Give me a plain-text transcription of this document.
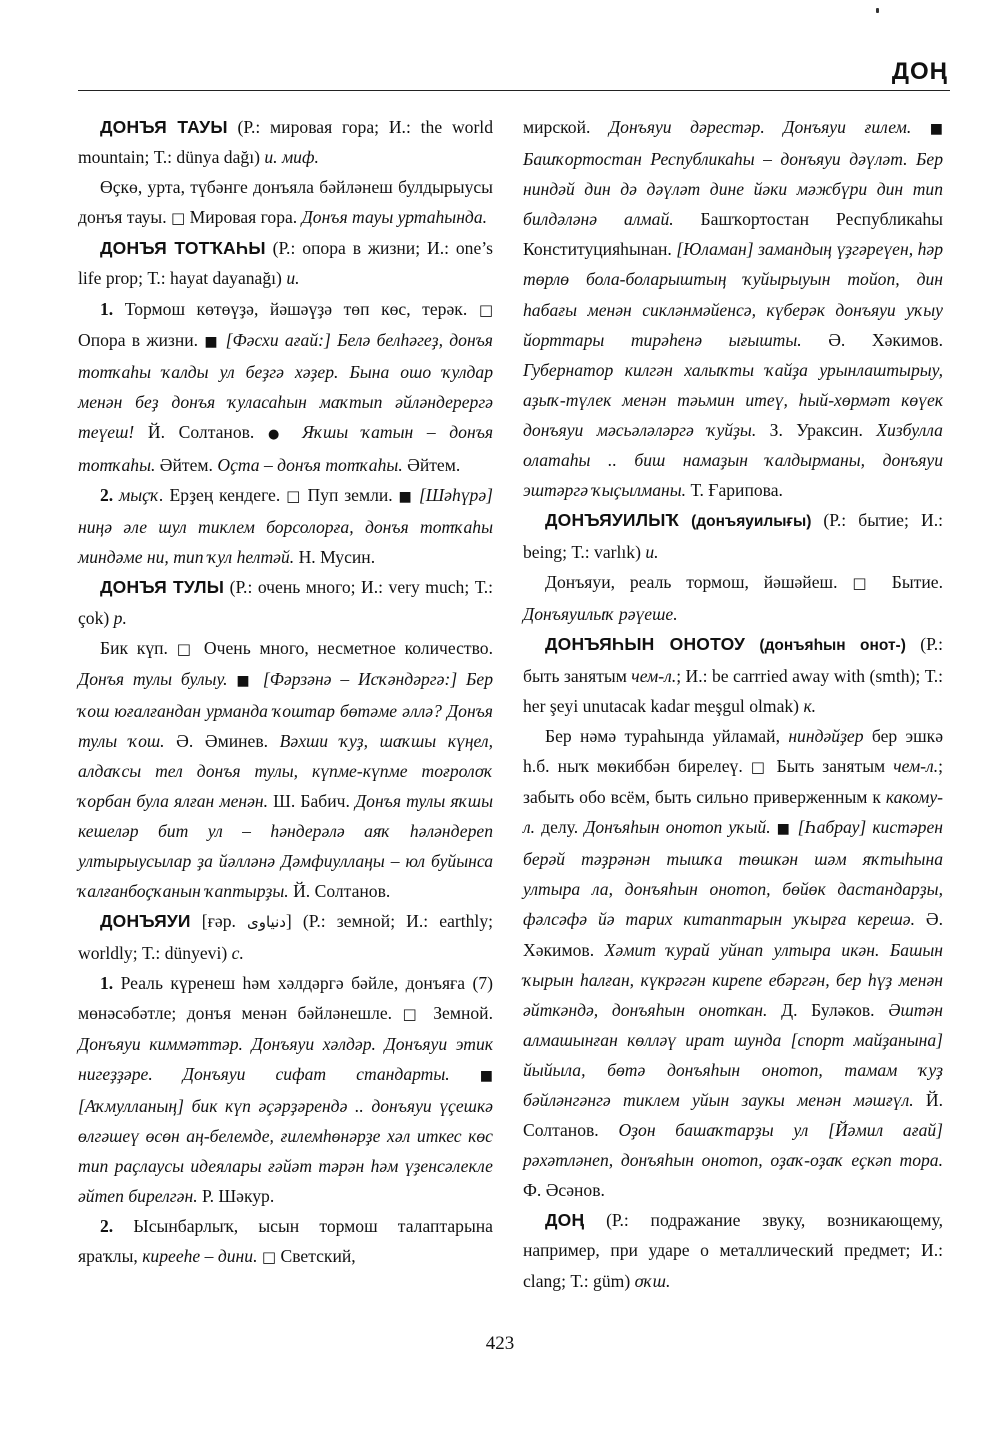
ДОҢ

ДОНЪЯ ТАУЫ (Р.: мировая гора; И.: the world mountain; Т.: dünya dağı) и. миф.

Өҫкө, урта, түбәнге донъяла бәйләнеш булдырыусы донъя тауы. □ Мировая гора. Донъя тауы уртаһында.

ДОНЪЯ ТОТҠАҺЫ (Р.: опора в жизни; И.: one’s life prop; Т.: hayat dayanağı) и.

1. Тормош көтөүҙә, йәшәүҙә төп көс, терәк. □ Опора в жизни. ■ [Фәсхи ағай:] Белә белһәгеҙ, донъя тотҡаһы ҡалды ул беҙгә хәҙер. Бына ошо ҡулдар менән беҙ донъя ҡуласаһын маҡтып әйләндерергә теүеш! Й. Солтанов. ● Яҡшы ҡатын – донъя тотҡаһы. Әйтем. Оҫта – донъя тотҡаһы. Әйтем.

2. мыҫҡ. Ерҙең кендеге. □ Пуп земли. ■ [Шәһүрә] ниңә әле шул тиклем борсолорға, донъя тотҡаһы миндәме ни, тип ҡул һелтәй. Н. Мусин.

ДОНЪЯ ТУЛЫ (Р.: очень много; И.: very much; Т.: çok) р.

Бик күп. □ Очень много, несметное количество. Донъя тулы булыу. ■ [Фәрзәнә – Исҡәндәргә:] Бер ҡош юғалғандан урманда ҡоштар бөтәме әллә? Донъя тулы ҡош. Ә. Әминев. Вәхши ҡуҙ, шаҡшы күңел, алдаҡсы тел донъя тулы, күпме-күпме тоғролоҡ ҡорбан була ялған менән. Ш. Бабич. Донъя тулы яҡшы кешеләр бит ул – һәндерәлә аяҡ һәләндереп ултырыусылар ҙа йәлләнә Дәмфиуллаңы – юл буйынса ҡалғанбоҫҡанын ҡаптырҙы. Й. Солтанов.

ДОНЪЯУИ [ғәр. دنیاوی] (Р.: земной; И.: earthly; worldly; Т.: dünyevi) с.

1. Реаль күренеш һәм хәлдәргә бәйле, донъяға (7) мөнәсәбәтле; донъя менән бәйләнешле. □ Земной. Донъяуи киммәттәр. Донъяуи хәлдәр. Донъяуи этик нигеҙҙәре. Донъяуи сифат стандарты. ■ [Аҡмулланың] бик күп әҫәрҙәрендә .. донъяуи үҫешкә өлгәшеү өсөн аң-белемде, ғилемһөнәрҙе хәл иткес көс тип раҫлаусы идеялары ғәйәт тәрән һәм үҙенсәлекле әйтеп бирелгән. Р. Шәкур.

2. Ысынбарлыҡ, ысын тормош талаптарына яраҡлы, кирееһе – дини. □ Светский,

мирской. Донъяуи дәрестәр. Донъяуи ғилем. ■ Башҡортостан Республикаһы – донъяуи дәүләт. Бер ниндәй дин дә дәүләт дине йәки мәжбүри дин тип билдәләнә алмай. Башҡортостан Республикаһы Конституцияһынан. [Юламан] замандың үҙгәреүен, һәр төрлө бола-боларыштың ҡуйырыуын тойоп, дин һабағы менән сикләнмәйенсә, күберәк донъяуи уҡыу йорттары тирәһенә ығышты. Ә. Хәкимов. Губернатор килгән халыҡты ҡайҙа урынлаштырыу, аҙыҡ-түлек менән тәьмин итеү, һый-хөрмәт көүек донъяуи мәсьәләләргә ҡуйҙы. З. Ураксин. Хизбулла олатаһы .. биш намаҙын ҡалдырманы, донъяуи эштәргә ҡыҫылманы. Т. Ғарипова.

ДОНЪЯУИЛЫҠ (донъяуилығы) (Р.: бытие; И.: being; Т.: varlık) и.

Донъяуи, реаль тормош, йәшәйеш. □ Бытие. Донъяуилыҡ рәүеше.

ДОНЪЯҺЫН ОНОТОУ (донъяһын онот-) (Р.: быть занятым чем-л.; И.: be carrried away with (smth); Т.: her şeyi unutacak kadar meşgul olmak) к.

Бер нәмә тураһында уйламай, ниндәйҙер бер эшкә һ.б. ныҡ мөкиббән бирелеү. □ Быть занятым чем-л.; забыть обо всём, быть сильно приверженным к какому-л. делу. Донъяһын онотоп уҡый. ■ [Һабрау] кистәрен берәй тәҙрәнән тышҡа төшкән шәм яҡтыһына ултыра ла, донъяһын онотоп, бөйөк дастандарҙы, фәлсәфә йә тарих китаптарын уҡырға керешә. Ә. Хәкимов. Хәмит ҡурай уйнап ултыра икән. Башын ҡырын һалған, күкрәгән кирепе ебәргән, бер һүҙ менән әйткәндә, донъяһын оноткан. Д. Буләков. Әштән алмашынған көлләү ират шунда [спорт майҙанына] йыйыла, бөтә донъяһын онотоп, тамам ҡуҙ бәйләнгәнгә тиклем уйын заукы менән мәшғүл. Й. Солтанов. Оҙон башаҡтарҙы ул [Йәмил ағай] рәхәтләнеп, донъяһын онотоп, оҙаҡ-оҙаҡ еҫкәп тора. Ф. Әсәнов.

ДОҢ (Р.: подражание звуку, возникающему, например, при ударе о металлический предмет; И.: clang; Т.: güm) оҡш.

423
